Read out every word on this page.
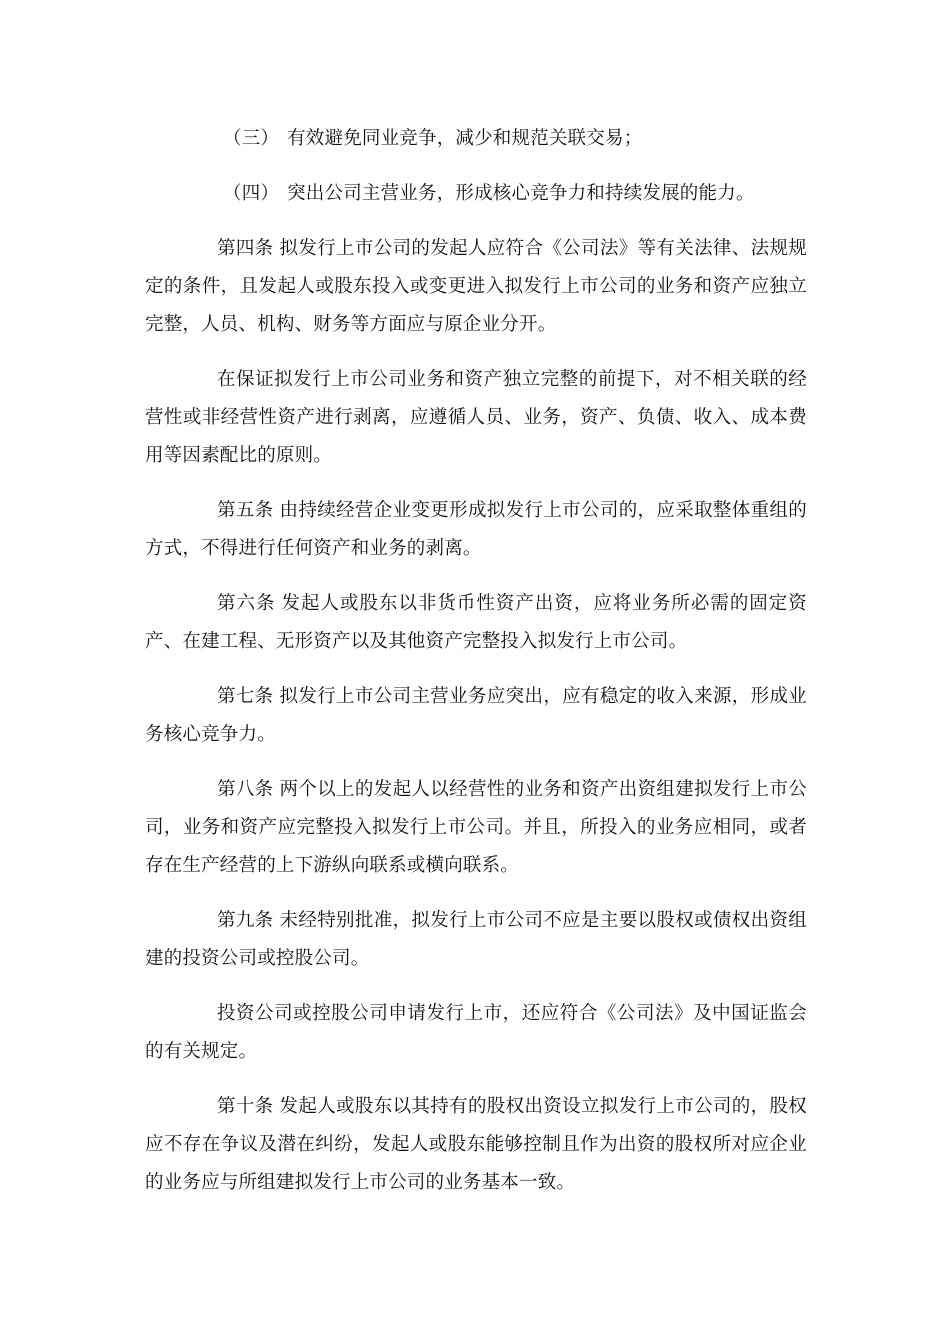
（三） 有效避免同业竞争，减少和规范关联交易；

（四） 突出公司主营业务，形成核心竞争力和持续发展的能力。

第四条 拟发行上市公司的发起人应符合《公司法》等有关法律、法规规定的条件，且发起人或股东投入或变更进入拟发行上市公司的业务和资产应独立完整，人员、机构、财务等方面应与原企业分开。

在保证拟发行上市公司业务和资产独立完整的前提下，对不相关联的经营性或非经营性资产进行剥离，应遵循人员、业务，资产、负债、收入、成本费用等因素配比的原则。

第五条 由持续经营企业变更形成拟发行上市公司的，应采取整体重组的方式，不得进行任何资产和业务的剥离。

第六条 发起人或股东以非货币性资产出资，应将业务所必需的固定资产、在建工程、无形资产以及其他资产完整投入拟发行上市公司。

第七条 拟发行上市公司主营业务应突出，应有稳定的收入来源，形成业务核心竞争力。

第八条 两个以上的发起人以经营性的业务和资产出资组建拟发行上市公司，业务和资产应完整投入拟发行上市公司。并且，所投入的业务应相同，或者存在生产经营的上下游纵向联系或横向联系。

第九条 未经特别批准，拟发行上市公司不应是主要以股权或债权出资组建的投资公司或控股公司。

投资公司或控股公司申请发行上市，还应符合《公司法》及中国证监会的有关规定。

第十条 发起人或股东以其持有的股权出资设立拟发行上市公司的，股权应不存在争议及潜在纠纷，发起人或股东能够控制且作为出资的股权所对应企业的业务应与所组建拟发行上市公司的业务基本一致。
